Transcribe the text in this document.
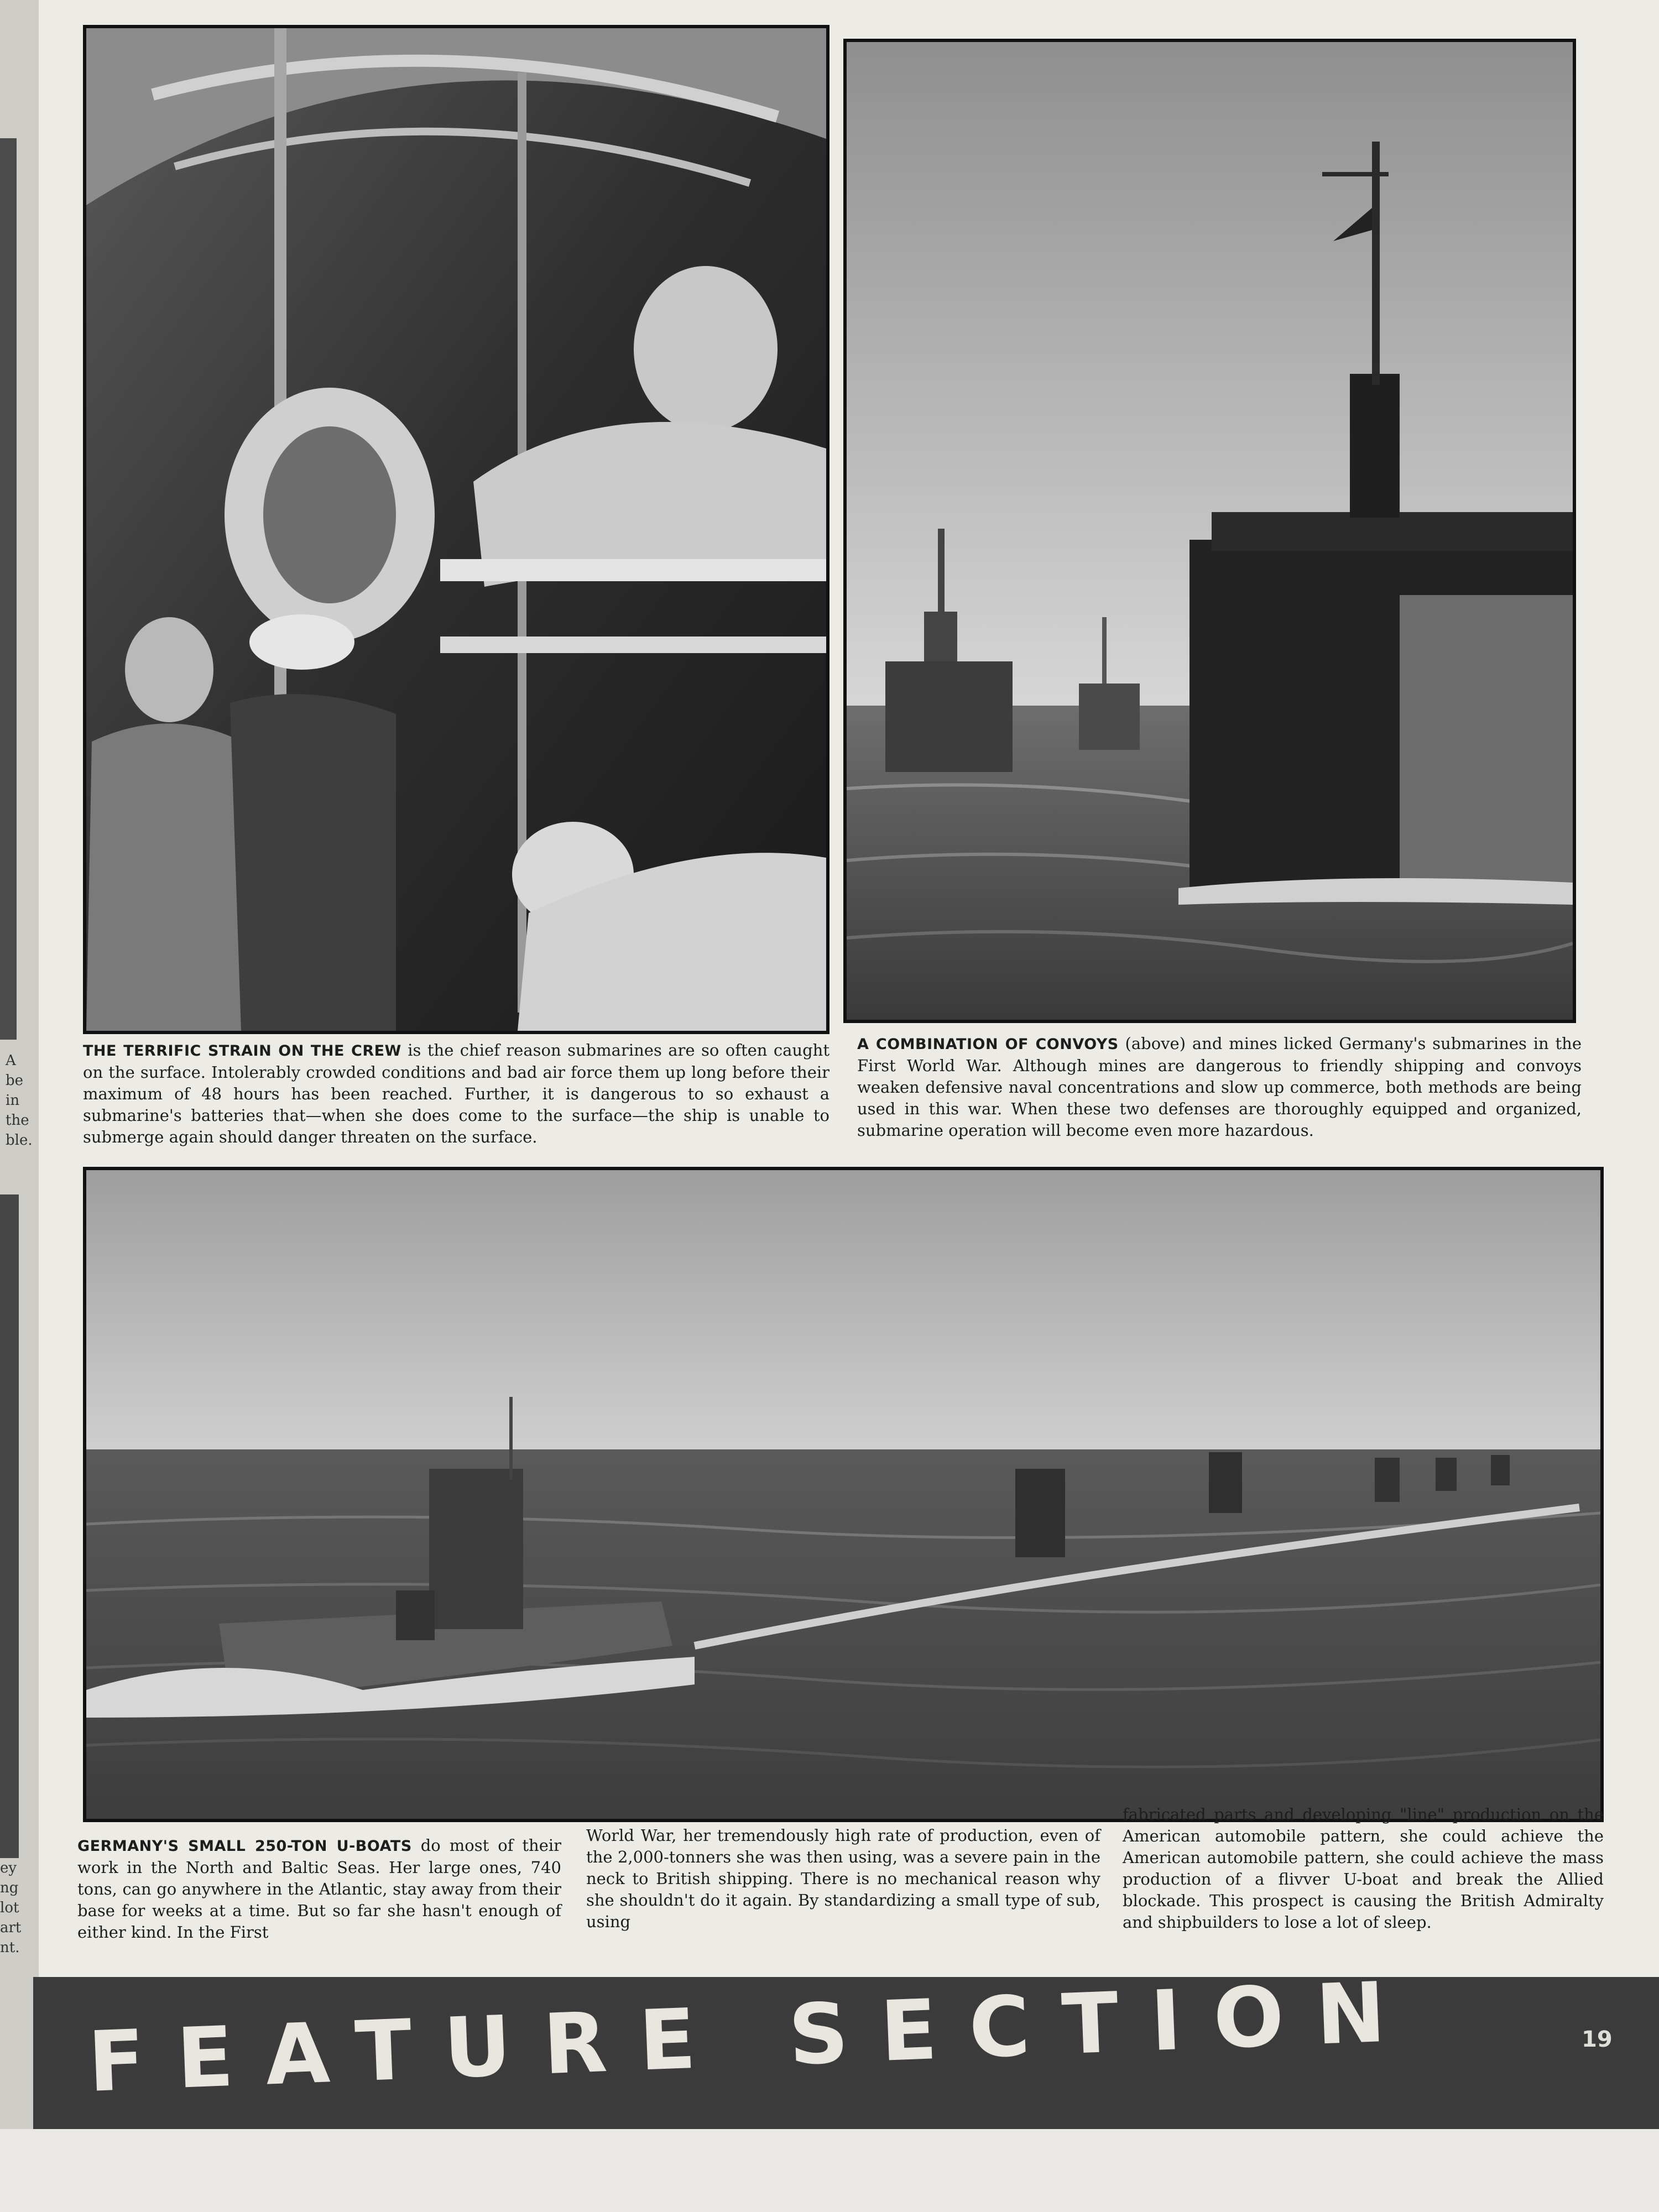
A
be
in
the
ble.
ey
ng
lot
art
nt.

THE TERRIFIC STRAIN ON THE CREW is the chief reason submarines are so often caught on the surface. Intolerably crowded conditions and bad air force them up long before their maximum of 48 hours has been reached. Further, it is dangerous to so exhaust a submarine's batteries that—when she does come to the surface—the ship is unable to submerge again should danger threaten on the surface.

A COMBINATION OF CONVOYS (above) and mines licked Germany's submarines in the First World War. Although mines are dangerous to friendly shipping and convoys weaken defensive naval concentrations and slow up commerce, both methods are being used in this war. When these two defenses are thoroughly equipped and organized, submarine operation will become even more hazardous.

GERMANY'S SMALL 250-TON U-BOATS do most of their work in the North and Baltic Seas. Her large ones, 740 tons, can go anywhere in the Atlantic, stay away from their base for weeks at a time. But so far she hasn't enough of either kind. In the First

World War, her tremendously high rate of production, even of the 2,000-tonners she was then using, was a severe pain in the neck to British shipping. There is no mechanical reason why she shouldn't do it again. By standardizing a small type of sub, using

fabricated parts and developing "line" production on the American automobile pattern, she could achieve the American automobile pattern, she could achieve the mass production of a flivver U-boat and break the Allied blockade. This prospect is causing the British Admiralty and shipbuilders to lose a lot of sleep.

FEATURE SECTION	19
